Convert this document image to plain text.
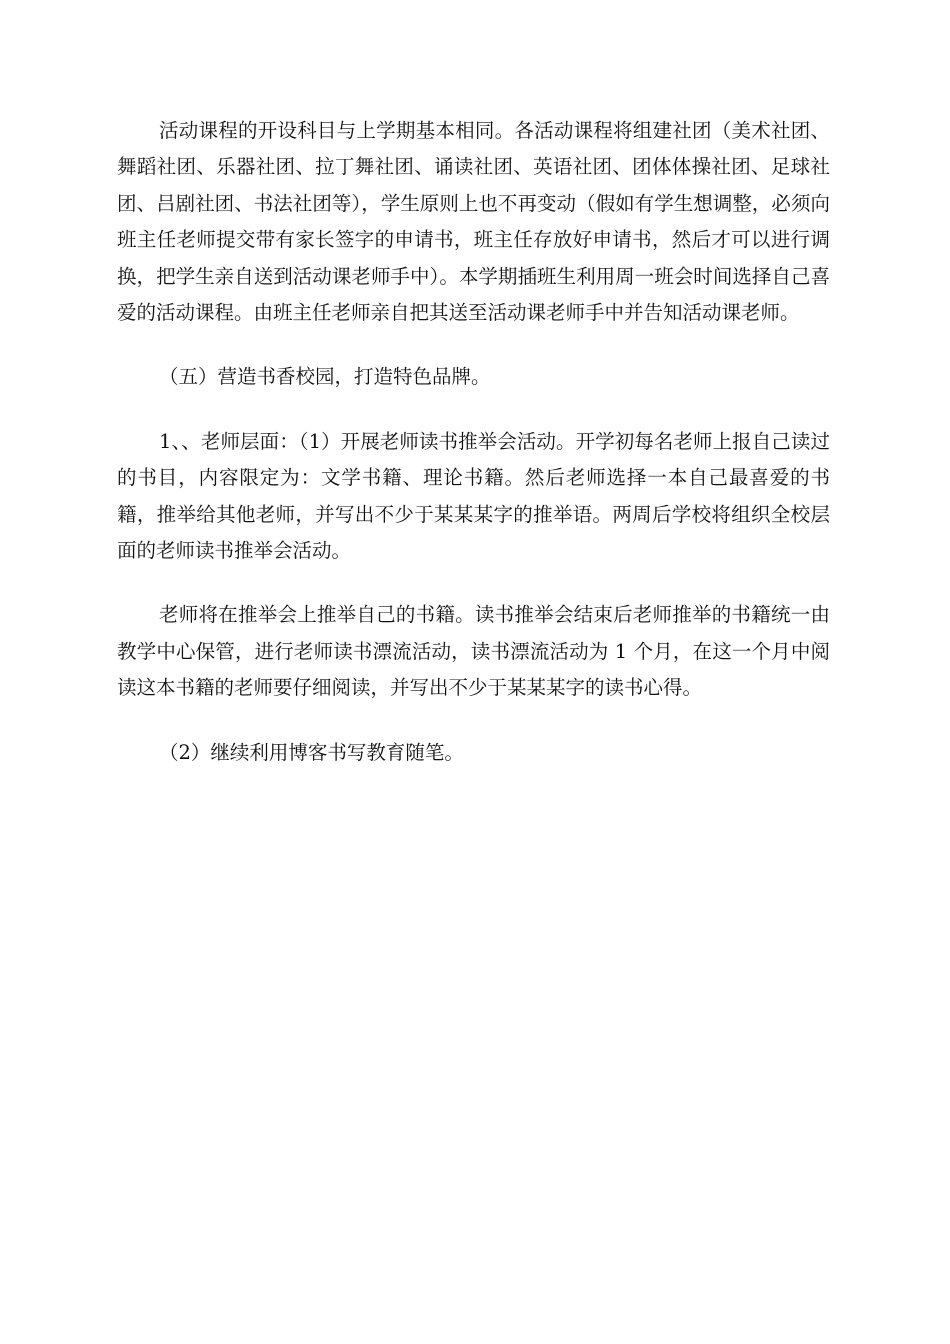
活动课程的开设科目与上学期基本相同。各活动课程将组建社团（美术社团、舞蹈社团、乐器社团、拉丁舞社团、诵读社团、英语社团、团体体操社团、足球社团、吕剧社团、书法社团等），学生原则上也不再变动（假如有学生想调整，必须向班主任老师提交带有家长签字的申请书，班主任存放好申请书，然后才可以进行调换，把学生亲自送到活动课老师手中）。本学期插班生利用周一班会时间选择自己喜爱的活动课程。由班主任老师亲自把其送至活动课老师手中并告知活动课老师。

（五）营造书香校园，打造特色品牌。

1、、老师层面：（1）开展老师读书推举会活动。开学初每名老师上报自己读过的书目，内容限定为：文学书籍、理论书籍。然后老师选择一本自己最喜爱的书籍，推举给其他老师，并写出不少于某某某字的推举语。两周后学校将组织全校层面的老师读书推举会活动。

老师将在推举会上推举自己的书籍。读书推举会结束后老师推举的书籍统一由教学中心保管，进行老师读书漂流活动，读书漂流活动为 1 个月，在这一个月中阅读这本书籍的老师要仔细阅读，并写出不少于某某某字的读书心得。

（2）继续利用博客书写教育随笔。
